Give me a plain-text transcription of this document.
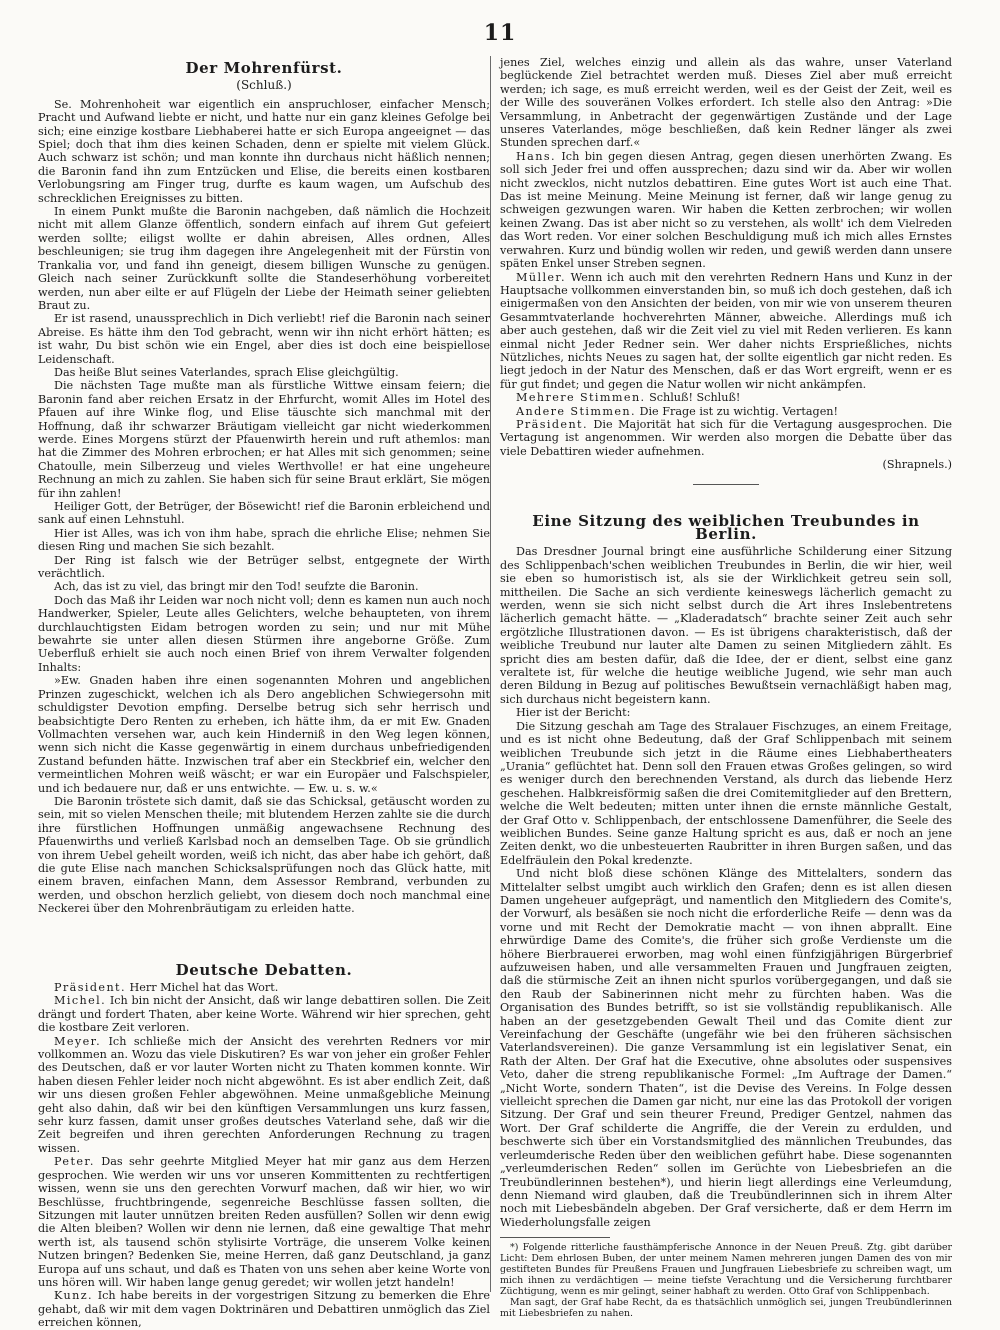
11
Der Mohrenfürst.
(Schluß.)

Se. Mohrenhoheit war eigentlich ein anspruchloser, einfacher Mensch; Pracht und Aufwand liebte er nicht, und hatte nur ein ganz kleines Gefolge bei sich; eine einzige kostbare Liebhaberei hatte er sich Europa angeeignet — das Spiel; doch that ihm dies keinen Schaden, denn er spielte mit vielem Glück. Auch schwarz ist schön; und man konnte ihn durchaus nicht häßlich nennen; die Baronin fand ihn zum Entzücken und Elise, die bereits einen kostbaren Verlobungsring am Finger trug, durfte es kaum wagen, um Aufschub des schrecklichen Ereignisses zu bitten.

In einem Punkt mußte die Baronin nachgeben, daß nämlich die Hochzeit nicht mit allem Glanze öffentlich, sondern einfach auf ihrem Gut gefeiert werden sollte; eiligst wollte er dahin abreisen, Alles ordnen, Alles beschleunigen; sie trug ihm dagegen ihre Angelegenheit mit der Fürstin von Trankalia vor, und fand ihn geneigt, diesem billigen Wunsche zu genügen. Gleich nach seiner Zurückkunft sollte die Standeserhöhung vorbereitet werden, nun aber eilte er auf Flügeln der Liebe der Heimath seiner geliebten Braut zu.

Er ist rasend, unaussprechlich in Dich verliebt! rief die Baronin nach seiner Abreise. Es hätte ihm den Tod gebracht, wenn wir ihn nicht erhört hätten; es ist wahr, Du bist schön wie ein Engel, aber dies ist doch eine beispiellose Leidenschaft.

Das heiße Blut seines Vaterlandes, sprach Elise gleichgültig.

Die nächsten Tage mußte man als fürstliche Wittwe einsam feiern; die Baronin fand aber reichen Ersatz in der Ehrfurcht, womit Alles im Hotel des Pfauen auf ihre Winke flog, und Elise täuschte sich manchmal mit der Hoffnung, daß ihr schwarzer Bräutigam vielleicht gar nicht wiederkommen werde. Eines Morgens stürzt der Pfauenwirth herein und ruft athemlos: man hat die Zimmer des Mohren erbrochen; er hat Alles mit sich genommen; seine Chatoulle, mein Silberzeug und vieles Werthvolle! er hat eine ungeheure Rechnung an mich zu zahlen. Sie haben sich für seine Braut erklärt, Sie mögen für ihn zahlen!

Heiliger Gott, der Betrüger, der Bösewicht! rief die Baronin erbleichend und sank auf einen Lehnstuhl.

Hier ist Alles, was ich von ihm habe, sprach die ehrliche Elise; nehmen Sie diesen Ring und machen Sie sich bezahlt.

Der Ring ist falsch wie der Betrüger selbst, entgegnete der Wirth verächtlich.

Ach, das ist zu viel, das bringt mir den Tod! seufzte die Baronin.

Doch das Maß ihr Leiden war noch nicht voll; denn es kamen nun auch noch Handwerker, Spieler, Leute alles Gelichters, welche behaupteten, von ihrem durchlauchtigsten Eidam betrogen worden zu sein; und nur mit Mühe bewahrte sie unter allen diesen Stürmen ihre angeborne Größe. Zum Ueberfluß erhielt sie auch noch einen Brief von ihrem Verwalter folgenden Inhalts:

»Ew. Gnaden haben ihre einen sogenannten Mohren und angeblichen Prinzen zugeschickt, welchen ich als Dero angeblichen Schwiegersohn mit schuldigster Devotion empfing. Derselbe betrug sich sehr herrisch und beabsichtigte Dero Renten zu erheben, ich hätte ihm, da er mit Ew. Gnaden Vollmachten versehen war, auch kein Hinderniß in den Weg legen können, wenn sich nicht die Kasse gegenwärtig in einem durchaus unbefriedigenden Zustand befunden hätte. Inzwischen traf aber ein Steckbrief ein, welcher den vermeintlichen Mohren weiß wäscht; er war ein Europäer und Falschspieler, und ich bedauere nur, daß er uns entwichte. — Ew. u. s. w.«

Die Baronin tröstete sich damit, daß sie das Schicksal, getäuscht worden zu sein, mit so vielen Menschen theile; mit blutendem Herzen zahlte sie die durch ihre fürstlichen Hoffnungen unmäßig angewachsene Rechnung des Pfauenwirths und verließ Karlsbad noch an demselben Tage. Ob sie gründlich von ihrem Uebel geheilt worden, weiß ich nicht, das aber habe ich gehört, daß die gute Elise nach manchen Schicksalsprüfungen noch das Glück hatte, mit einem braven, einfachen Mann, dem Assessor Rembrand, verbunden zu werden, und obschon herzlich geliebt, von diesem doch noch manchmal eine Neckerei über den Mohrenbräutigam zu erleiden hatte.

Deutsche Debatten.

Präsident. Herr Michel hat das Wort.

Michel. Ich bin nicht der Ansicht, daß wir lange debattiren sollen. Die Zeit drängt und fordert Thaten, aber keine Worte. Während wir hier sprechen, geht die kostbare Zeit verloren.

Meyer. Ich schließe mich der Ansicht des verehrten Redners vor mir vollkommen an. Wozu das viele Diskutiren? Es war von jeher ein großer Fehler des Deutschen, daß er vor lauter Worten nicht zu Thaten kommen konnte. Wir haben diesen Fehler leider noch nicht abgewöhnt. Es ist aber endlich Zeit, daß wir uns diesen großen Fehler abgewöhnen. Meine unmaßgebliche Meinung geht also dahin, daß wir bei den künftigen Versammlungen uns kurz fassen, sehr kurz fassen, damit unser großes deutsches Vaterland sehe, daß wir die Zeit begreifen und ihren gerechten Anforderungen Rechnung zu tragen wissen.

Peter. Das sehr geehrte Mitglied Meyer hat mir ganz aus dem Herzen gesprochen. Wie werden wir uns vor unseren Kommittenten zu rechtfertigen wissen, wenn sie uns den gerechten Vorwurf machen, daß wir hier, wo wir Beschlüsse, fruchtbringende, segenreiche Beschlüsse fassen sollten, die Sitzungen mit lauter unnützen breiten Reden ausfüllen? Sollen wir denn ewig die Alten bleiben? Wollen wir denn nie lernen, daß eine gewaltige That mehr werth ist, als tausend schön stylisirte Vorträge, die unserem Volke keinen Nutzen bringen? Bedenken Sie, meine Herren, daß ganz Deutschland, ja ganz Europa auf uns schaut, und daß es Thaten von uns sehen aber keine Worte von uns hören will. Wir haben lange genug geredet; wir wollen jetzt handeln!

Kunz. Ich habe bereits in der vorgestrigen Sitzung zu bemerken die Ehre gehabt, daß wir mit dem vagen Doktrinären und Debattiren unmöglich das Ziel erreichen können,

jenes Ziel, welches einzig und allein als das wahre, unser Vaterland beglückende Ziel betrachtet werden muß. Dieses Ziel aber muß erreicht werden; ich sage, es muß erreicht werden, weil es der Geist der Zeit, weil es der Wille des souveränen Volkes erfordert. Ich stelle also den Antrag: »Die Versammlung, in Anbetracht der gegenwärtigen Zustände und der Lage unseres Vaterlandes, möge beschließen, daß kein Redner länger als zwei Stunden sprechen darf.«

Hans. Ich bin gegen diesen Antrag, gegen diesen unerhörten Zwang. Es soll sich Jeder frei und offen aussprechen; dazu sind wir da. Aber wir wollen nicht zwecklos, nicht nutzlos debattiren. Eine gutes Wort ist auch eine That. Das ist meine Meinung. Meine Meinung ist ferner, daß wir lange genug zu schweigen gezwungen waren. Wir haben die Ketten zerbrochen; wir wollen keinen Zwang. Das ist aber nicht so zu verstehen, als wollt' ich dem Vielreden das Wort reden. Vor einer solchen Beschuldigung muß ich mich alles Ernstes verwahren. Kurz und bündig wollen wir reden, und gewiß werden dann unsere späten Enkel unser Streben segnen.

Müller. Wenn ich auch mit den verehrten Rednern Hans und Kunz in der Hauptsache vollkommen einverstanden bin, so muß ich doch gestehen, daß ich einigermaßen von den Ansichten der beiden, von mir wie von unserem theuren Gesammtvaterlande hochverehrten Männer, abweiche. Allerdings muß ich aber auch gestehen, daß wir die Zeit viel zu viel mit Reden verlieren. Es kann einmal nicht Jeder Redner sein. Wer daher nichts Ersprießliches, nichts Nützliches, nichts Neues zu sagen hat, der sollte eigentlich gar nicht reden. Es liegt jedoch in der Natur des Menschen, daß er das Wort ergreift, wenn er es für gut findet; und gegen die Natur wollen wir nicht ankämpfen.

Mehrere Stimmen. Schluß! Schluß!

Andere Stimmen. Die Frage ist zu wichtig. Vertagen!

Präsident. Die Majorität hat sich für die Vertagung ausgesprochen. Die Vertagung ist angenommen. Wir werden also morgen die Debatte über das viele Debattiren wieder aufnehmen.

(Shrapnels.)

Eine Sitzung des weiblichen Treubundes in Berlin.

Das Dresdner Journal bringt eine ausführliche Schilderung einer Sitzung des Schlippenbach'schen weiblichen Treubundes in Berlin, die wir hier, weil sie eben so humoristisch ist, als sie der Wirklichkeit getreu sein soll, mittheilen. Die Sache an sich verdiente keineswegs lächerlich gemacht zu werden, wenn sie sich nicht selbst durch die Art ihres Inslebentretens lächerlich gemacht hätte. — „Kladeradatsch“ brachte seiner Zeit auch sehr ergötzliche Illustrationen davon. — Es ist übrigens charakteristisch, daß der weibliche Treubund nur lauter alte Damen zu seinen Mitgliedern zählt. Es spricht dies am besten dafür, daß die Idee, der er dient, selbst eine ganz veraltete ist, für welche die heutige weibliche Jugend, wie sehr man auch deren Bildung in Bezug auf politisches Bewußtsein vernachläßigt haben mag, sich durchaus nicht begeistern kann.

Hier ist der Bericht:

Die Sitzung geschah am Tage des Stralauer Fischzuges, an einem Freitage, und es ist nicht ohne Bedeutung, daß der Graf Schlippenbach mit seinem weiblichen Treubunde sich jetzt in die Räume eines Liebhabertheaters „Urania“ geflüchtet hat. Denn soll den Frauen etwas Großes gelingen, so wird es weniger durch den berechnenden Verstand, als durch das liebende Herz geschehen. Halbkreisförmig saßen die drei Comitemitglieder auf den Brettern, welche die Welt bedeuten; mitten unter ihnen die ernste männliche Gestalt, der Graf Otto v. Schlippenbach, der entschlossene Damenführer, die Seele des weiblichen Bundes. Seine ganze Haltung spricht es aus, daß er noch an jene Zeiten denkt, wo die unbesteuerten Raubritter in ihren Burgen saßen, und das Edelfräulein den Pokal kredenzte.

Und nicht bloß diese schönen Klänge des Mittelalters, sondern das Mittelalter selbst umgibt auch wirklich den Grafen; denn es ist allen diesen Damen ungeheuer aufgeprägt, und namentlich den Mitgliedern des Comite's, der Vorwurf, als besäßen sie noch nicht die erforderliche Reife — denn was da vorne und mit Recht der Demokratie macht — von ihnen abprallt. Eine ehrwürdige Dame des Comite's, die früher sich große Verdienste um die höhere Bierbrauerei erworben, mag wohl einen fünfzigjährigen Bürgerbrief aufzuweisen haben, und alle versammelten Frauen und Jungfrauen zeigten, daß die stürmische Zeit an ihnen nicht spurlos vorübergegangen, und daß sie den Raub der Sabinerinnen nicht mehr zu fürchten haben. Was die Organisation des Bundes betrifft, so ist sie vollständig republikanisch. Alle haben an der gesetzgebenden Gewalt Theil und das Comite dient zur Vereinfachung der Geschäfte (ungefähr wie bei den früheren sächsischen Vaterlandsvereinen). Die ganze Versammlung ist ein legislativer Senat, ein Rath der Alten. Der Graf hat die Executive, ohne absolutes oder suspensives Veto, daher die streng republikanische Formel: „Im Auftrage der Damen.“ „Nicht Worte, sondern Thaten“, ist die Devise des Vereins. In Folge dessen vielleicht sprechen die Damen gar nicht, nur eine las das Protokoll der vorigen Sitzung. Der Graf und sein theurer Freund, Prediger Gentzel, nahmen das Wort. Der Graf schilderte die Angriffe, die der Verein zu erdulden, und beschwerte sich über ein Vorstandsmitglied des männlichen Treubundes, das verleumderische Reden über den weiblichen geführt habe. Diese sogenannten „verleumderischen Reden“ sollen im Gerüchte von Liebesbriefen an die Treubündlerinnen bestehen*), und hierin liegt allerdings eine Verleumdung, denn Niemand wird glauben, daß die Treubündlerinnen sich in ihrem Alter noch mit Liebesbändeln abgeben. Der Graf versicherte, daß er dem Herrn im Wiederholungsfalle zeigen

*) Folgende ritterliche fausthämpferische Annonce in der Neuen Preuß. Ztg. gibt darüber Licht: Dem ehrlosen Buben, der unter meinem Namen mehreren jungen Damen des von mir gestifteten Bundes für Preußens Frauen und Jungfrauen Liebesbriefe zu schreiben wagt, um mich ihnen zu verdächtigen — meine tiefste Verachtung und die Versicherung furchtbarer Züchtigung, wenn es mir gelingt, seiner habhaft zu werden. Otto Graf von Schlippenbach.

Man sagt, der Graf habe Recht, da es thatsächlich unmöglich sei, jungen Treubündlerinnen mit Liebesbriefen zu nahen.
